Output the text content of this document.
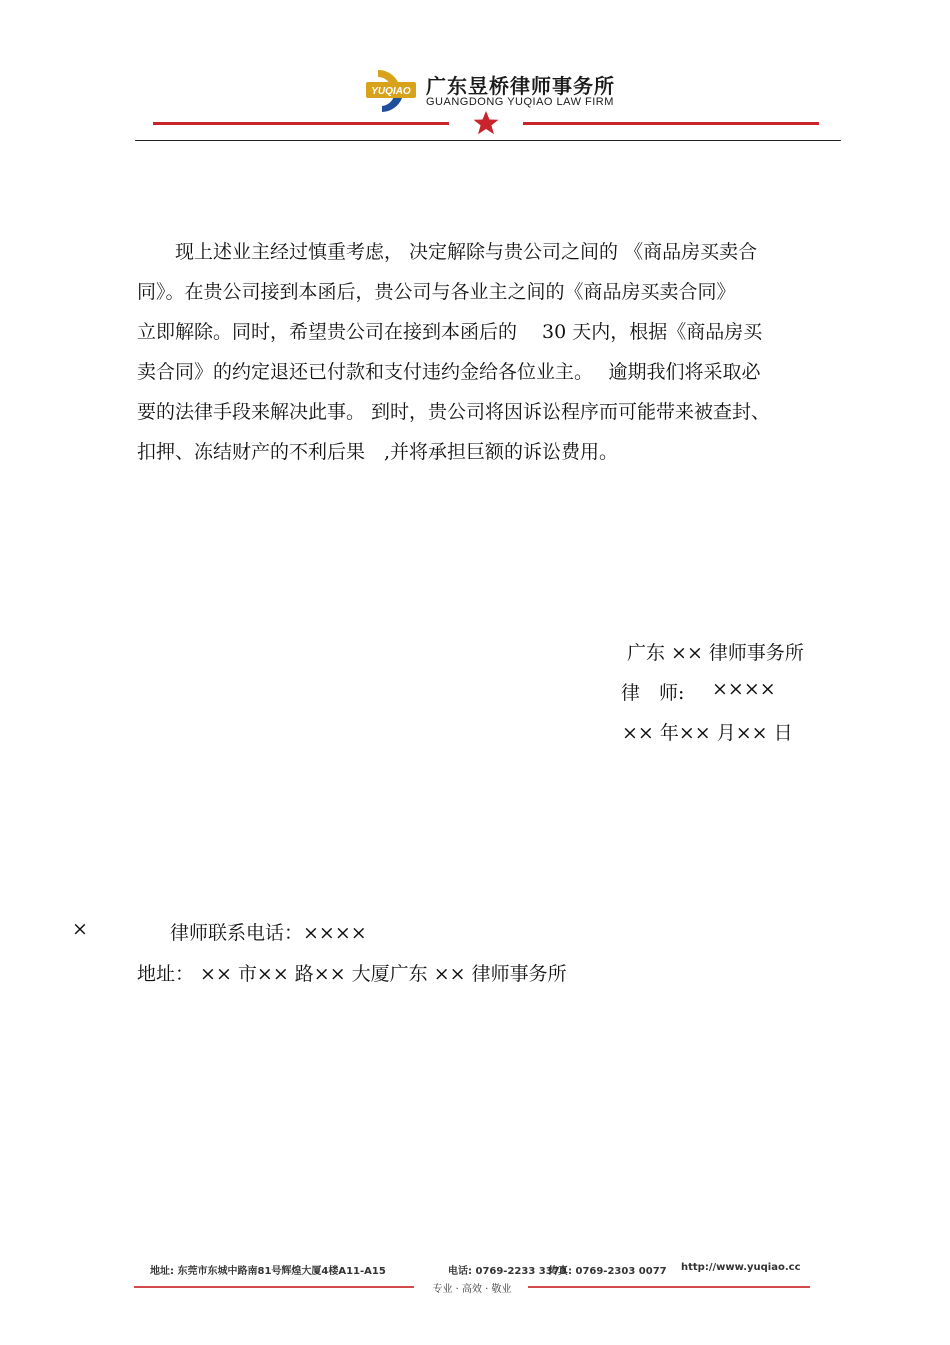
YUQIAO 广东昱桥律师事务所
GUANGDONG YUQIAO LAW FIRM
　　现上述业主经过慎重考虑， 决定解除与贵公司之间的 《商品房买卖合
同》。在贵公司接到本函后，贵公司与各业主之间的《商品房买卖合同》
立即解除。同时，希望贵公司在接到本函后的　 30 天内，根据《商品房买
卖合同》的约定退还已付款和支付违约金给各位业主。　 逾期我们将采取必
要的法律手段来解决此事。 到时，贵公司将因诉讼程序而可能带来被查封、
扣押、冻结财产的不利后果　,并将承担巨额的诉讼费用。
广东 ×× 律师事务所
律　师: ××××
×× 年×× 月×× 日
×	律师联系电话：××××
地址： ×× 市×× 路×× 大厦广东 ×× 律师事务所
地址: 东莞市东城中路南81号辉煌大厦4楼A11-A15	电话: 0769-2233 3373
传真: 0769-2303 0077 http://www.yuqiao.cc
专业 · 高效 · 敬业
